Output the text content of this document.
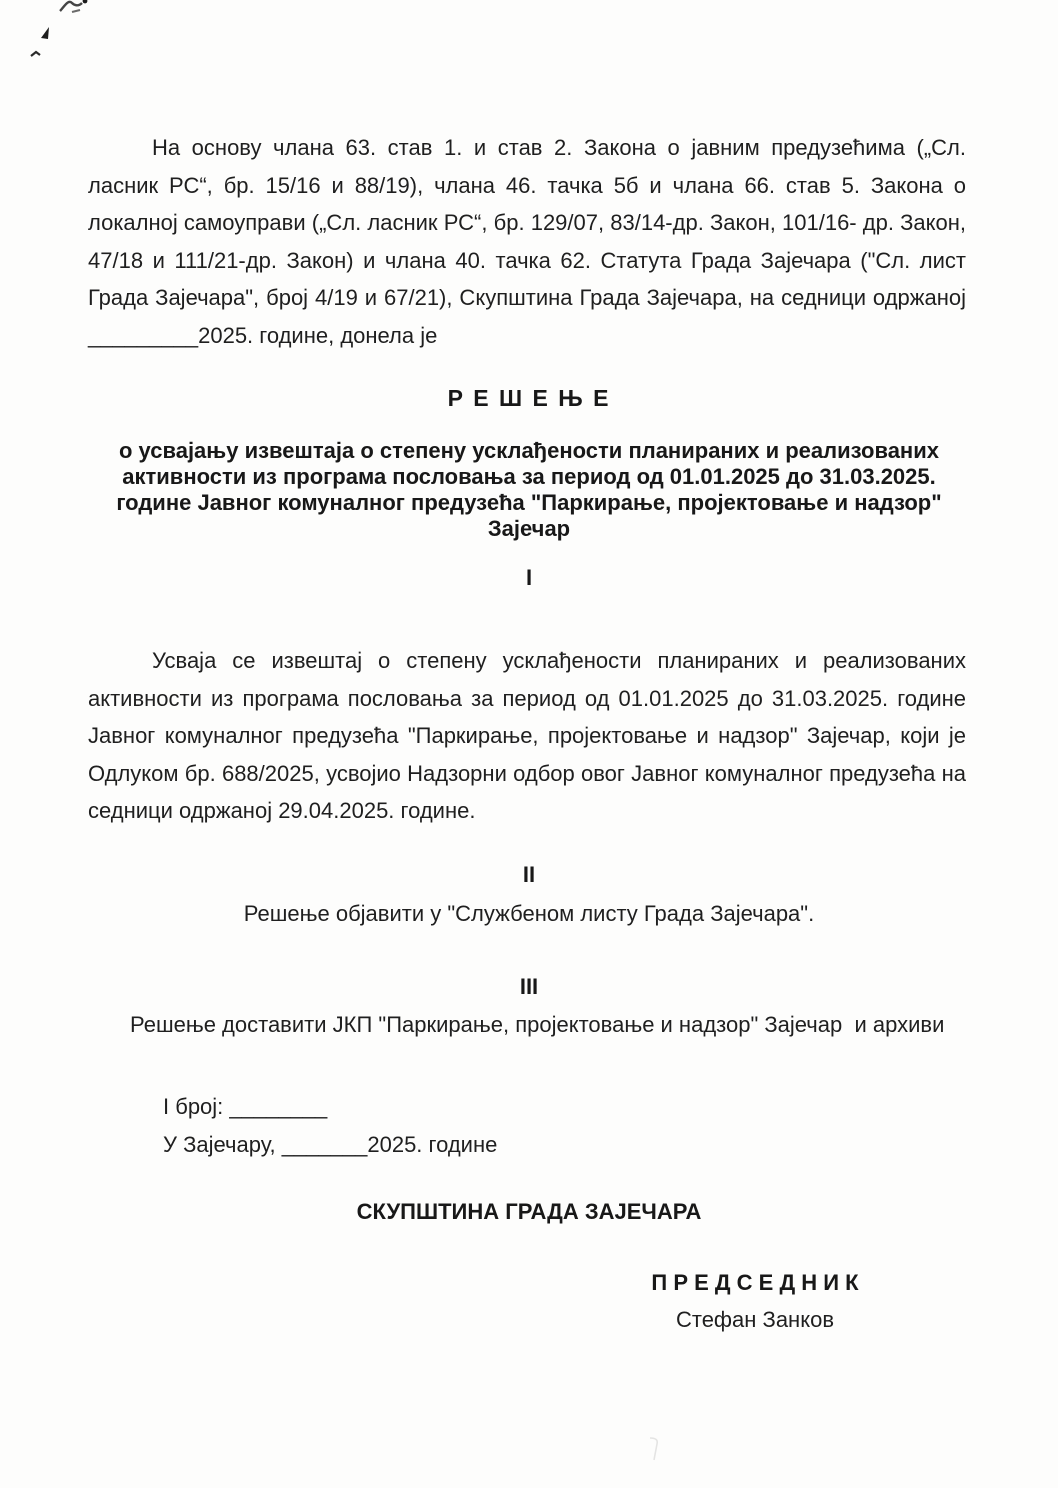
На основу члана 63. став 1. и став 2. Закона о јавним предузећима („Сл.
ласник РС“, бр. 15/16 и 88/19), члана 46. тачка 5б и члана 66. став 5. Закона о
локалној самоуправи („Сл. ласник РС“, бр. 129/07, 83/14-др. Закон, 101/16- др. Закон,
47/18 и 111/21-др. Закон) и члана 40. тачка 62. Статута Града Зајечара ("Сл. лист
Града Зајечара", број 4/19 и 67/21), Скупштина Града Зајечара, на седници одржаној
_________2025. године, донела је
Р Е Ш Е Њ Е
о усвајању извештаја о степену усклађености планираних и реализованих
активности из програма пословања за период од 01.01.2025 до 31.03.2025.
године Јавног комуналног предузећа "Паркирање, пројектовање и надзор"
Зајечар
I
Усваја се извештај о степену усклађености планираних и реализованих
активности из програма пословања за период од 01.01.2025 до 31.03.2025. године
Јавног комуналног предузећа "Паркирање, пројектовање и надзор" Зајечар, који је
Одлуком бр. 688/2025, усвојио Надзорни одбор овог Јавног комуналног предузећа на
седници одржаној 29.04.2025. године.
II
Решење објавити у "Службеном листу Града Зајечара".
III
Решење доставити ЈКП "Паркирање, пројектовање и надзор" Зајечар  и архиви
I број: ________
У Зајечару, _______2025. године
СКУПШТИНА ГРАДА ЗАЈЕЧАРА
П Р Е Д С Е Д Н И К
Стефан Занков
